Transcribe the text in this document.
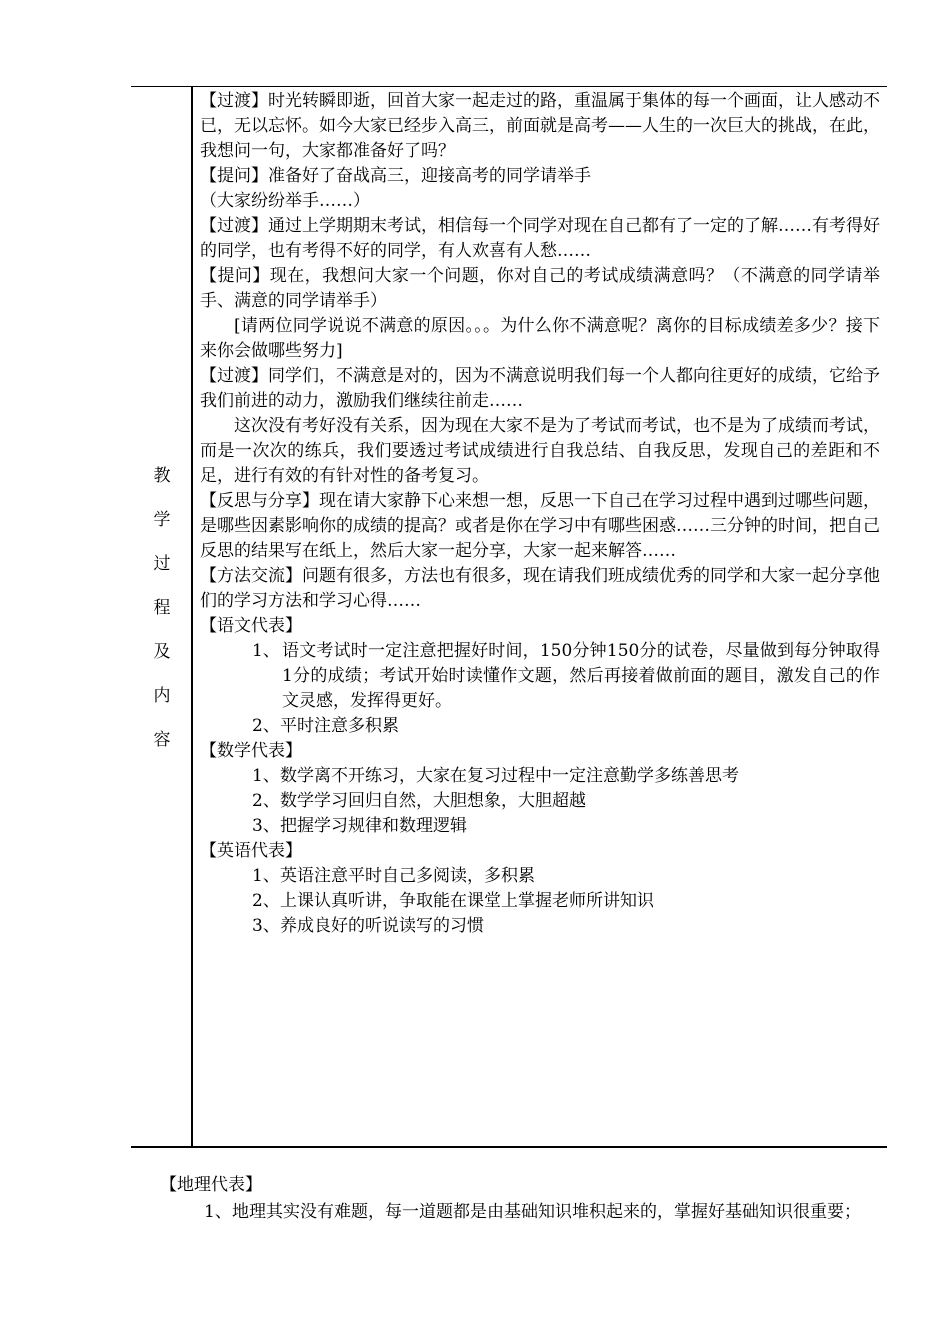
教
学
过
程
及
内
容

【过渡】时光转瞬即逝，回首大家一起走过的路，重温属于集体的每一个画面，让人感动不已，无以忘怀。如今大家已经步入高三，前面就是高考——人生的一次巨大的挑战，在此，我想问一句，大家都准备好了吗？

【提问】准备好了奋战高三，迎接高考的同学请举手

（大家纷纷举手……）

【过渡】通过上学期期末考试，相信每一个同学对现在自己都有了一定的了解……有考得好的同学，也有考得不好的同学，有人欢喜有人愁……

【提问】现在，我想问大家一个问题，你对自己的考试成绩满意吗？（不满意的同学请举手、满意的同学请举手）

[请两位同学说说不满意的原因。。。为什么你不满意呢？离你的目标成绩差多少？接下来你会做哪些努力]

【过渡】同学们，不满意是对的，因为不满意说明我们每一个人都向往更好的成绩，它给予我们前进的动力，激励我们继续往前走……

这次没有考好没有关系，因为现在大家不是为了考试而考试，也不是为了成绩而考试，而是一次次的练兵，我们要透过考试成绩进行自我总结、自我反思，发现自己的差距和不足，进行有效的有针对性的备考复习。

【反思与分享】现在请大家静下心来想一想，反思一下自己在学习过程中遇到过哪些问题，是哪些因素影响你的成绩的提高？或者是你在学习中有哪些困惑……三分钟的时间，把自己反思的结果写在纸上，然后大家一起分享，大家一起来解答……

【方法交流】问题有很多，方法也有很多，现在请我们班成绩优秀的同学和大家一起分享他们的学习方法和学习心得……

【语文代表】

1、 语文考试时一定注意把握好时间，150分钟150分的试卷，尽量做到每分钟取得1分的成绩；考试开始时读懂作文题，然后再接着做前面的题目，激发自己的作文灵感，发挥得更好。

2、 平时注意多积累

【数学代表】

1、 数学离不开练习，大家在复习过程中一定注意勤学多练善思考

2、 数学学习回归自然，大胆想象，大胆超越

3、 把握学习规律和数理逻辑

【英语代表】

1、 英语注意平时自己多阅读，多积累

2、 上课认真听讲，争取能在课堂上掌握老师所讲知识

3、 养成良好的听说读写的习惯

【地理代表】

1、 地理其实没有难题，每一道题都是由基础知识堆积起来的，掌握好基础知识很重要；
